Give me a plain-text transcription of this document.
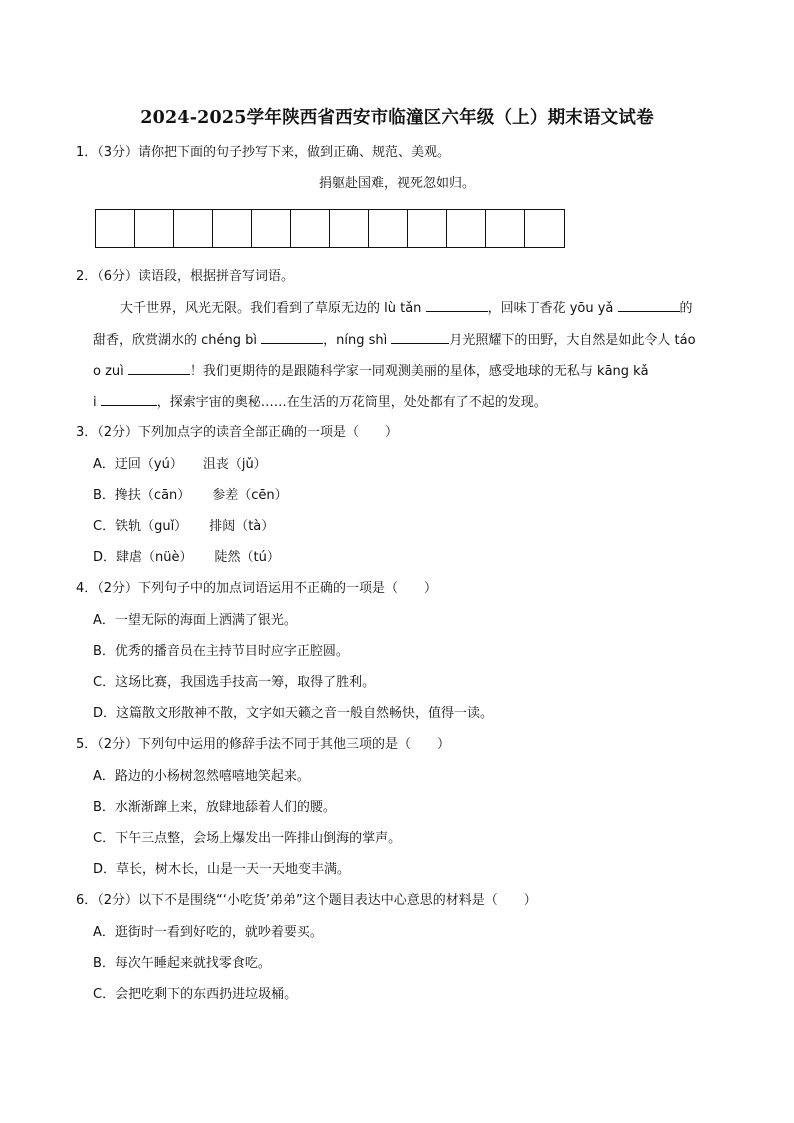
2024-2025学年陕西省西安市临潼区六年级（上）期末语文试卷
1．（3分）请你把下面的句子抄写下来，做到正确、规范、美观。
捐躯赴国难，视死忽如归。
2．（6分）读语段，根据拼音写词语。
大千世界，风光无限。我们看到了草原无边的 lù tǎn	，回味丁香花 yōu yǎ	的
甜香，欣赏湖水的 chéng bì	，níng shì	月光照耀下的田野，大自然是如此令人 táo
o zuì	！我们更期待的是跟随科学家一同观测美丽的星体，感受地球的无私与 kāng kǎ
i	，探索宇宙的奥秘……在生活的万花筒里，处处都有了不起的发现。
3．（2分）下列加点字的读音全部正确的一项是（　　）
A．迂回（yú） 沮丧（jǔ）
B．搀扶（cān） 参差（cēn）
C．铁轨（guǐ） 排闼（tà）
D．肆虐（nüè） 陡然（tú）
4．（2分）下列句子中的加点词语运用不正确的一项是（　　）
A．一望无际的海面上洒满了银光。
B．优秀的播音员在主持节目时应字正腔圆。
C．这场比赛，我国选手技高一筹，取得了胜利。
D．这篇散文形散神不散，文字如天籁之音一般自然畅快，值得一读。
5．（2分）下列句中运用的修辞手法不同于其他三项的是（　　）
A．路边的小杨树忽然嘻嘻地笑起来。
B．水渐渐蹿上来，放肆地舔着人们的腰。
C．下午三点整，会场上爆发出一阵排山倒海的掌声。
D．草长，树木长，山是一天一天地变丰满。
6．（2分）以下不是围绕“‘小吃货’弟弟”这个题目表达中心意思的材料是（　　）
A．逛街时一看到好吃的，就吵着要买。
B．每次午睡起来就找零食吃。
C．会把吃剩下的东西扔进垃圾桶。
